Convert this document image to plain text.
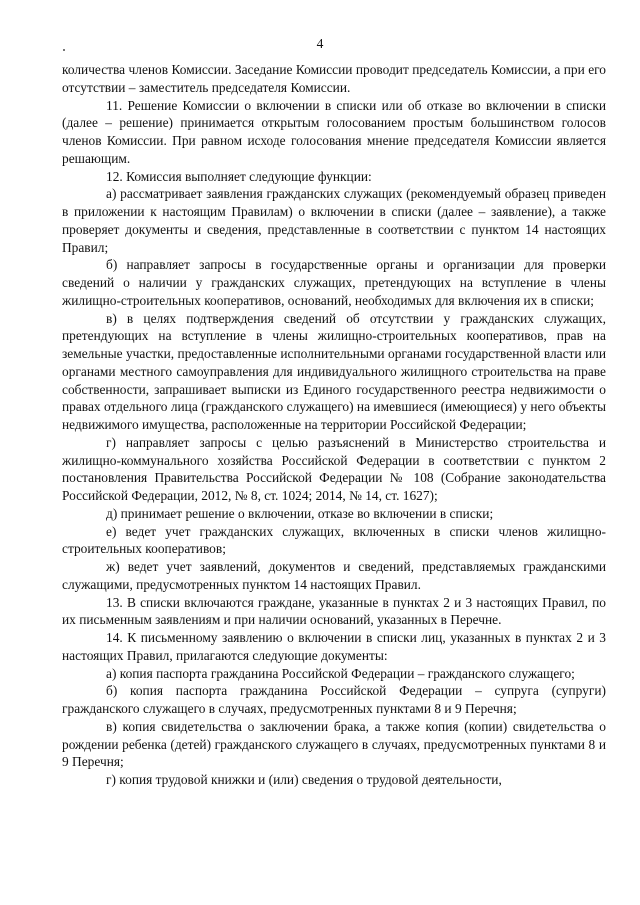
4

количества членов Комиссии. Заседание Комиссии проводит председатель Комиссии, а при его отсутствии – заместитель председателя Комиссии.

11. Решение Комиссии о включении в списки или об отказе во включении в списки (далее – решение) принимается открытым голосованием простым большинством голосов членов Комиссии. При равном исходе голосования мнение председателя Комиссии является решающим.

12. Комиссия выполняет следующие функции:

а) рассматривает заявления гражданских служащих (рекомендуемый образец приведен в приложении к настоящим Правилам) о включении в списки (далее – заявление), а также проверяет документы и сведения, представленные в соответствии с пунктом 14 настоящих Правил;

б) направляет запросы в государственные органы и организации для проверки сведений о наличии у гражданских служащих, претендующих на вступление в члены жилищно-строительных кооперативов, оснований, необходимых для включения их в списки;

в) в целях подтверждения сведений об отсутствии у гражданских служащих, претендующих на вступление в члены жилищно-строительных кооперативов, прав на земельные участки, предоставленные исполнительными органами государственной власти или органами местного самоуправления для индивидуального жилищного строительства на праве собственности, запрашивает выписки из Единого государственного реестра недвижимости о правах отдельного лица (гражданского служащего) на имевшиеся (имеющиеся) у него объекты недвижимого имущества, расположенные на территории Российской Федерации;

г) направляет запросы с целью разъяснений в Министерство строительства и жилищно-коммунального хозяйства Российской Федерации в соответствии с пунктом 2 постановления Правительства Российской Федерации № 108 (Собрание законодательства Российской Федерации, 2012, № 8, ст. 1024; 2014, № 14, ст. 1627);

д) принимает решение о включении, отказе во включении в списки;

е) ведет учет гражданских служащих, включенных в списки членов жилищно-строительных кооперативов;

ж) ведет учет заявлений, документов и сведений, представляемых гражданскими служащими, предусмотренных пунктом 14 настоящих Правил.

13. В списки включаются граждане, указанные в пунктах 2 и 3 настоящих Правил, по их письменным заявлениям и при наличии оснований, указанных в Перечне.

14. К письменному заявлению о включении в списки лиц, указанных в пунктах 2 и 3 настоящих Правил, прилагаются следующие документы:

а) копия паспорта гражданина Российской Федерации – гражданского служащего;

б) копия паспорта гражданина Российской Федерации – супруга (супруги) гражданского служащего в случаях, предусмотренных пунктами 8 и 9 Перечня;

в) копия свидетельства о заключении брака, а также копия (копии) свидетельства о рождении ребенка (детей) гражданского служащего в случаях, предусмотренных пунктами 8 и 9 Перечня;

г) копия трудовой книжки и (или) сведения о трудовой деятельности,
